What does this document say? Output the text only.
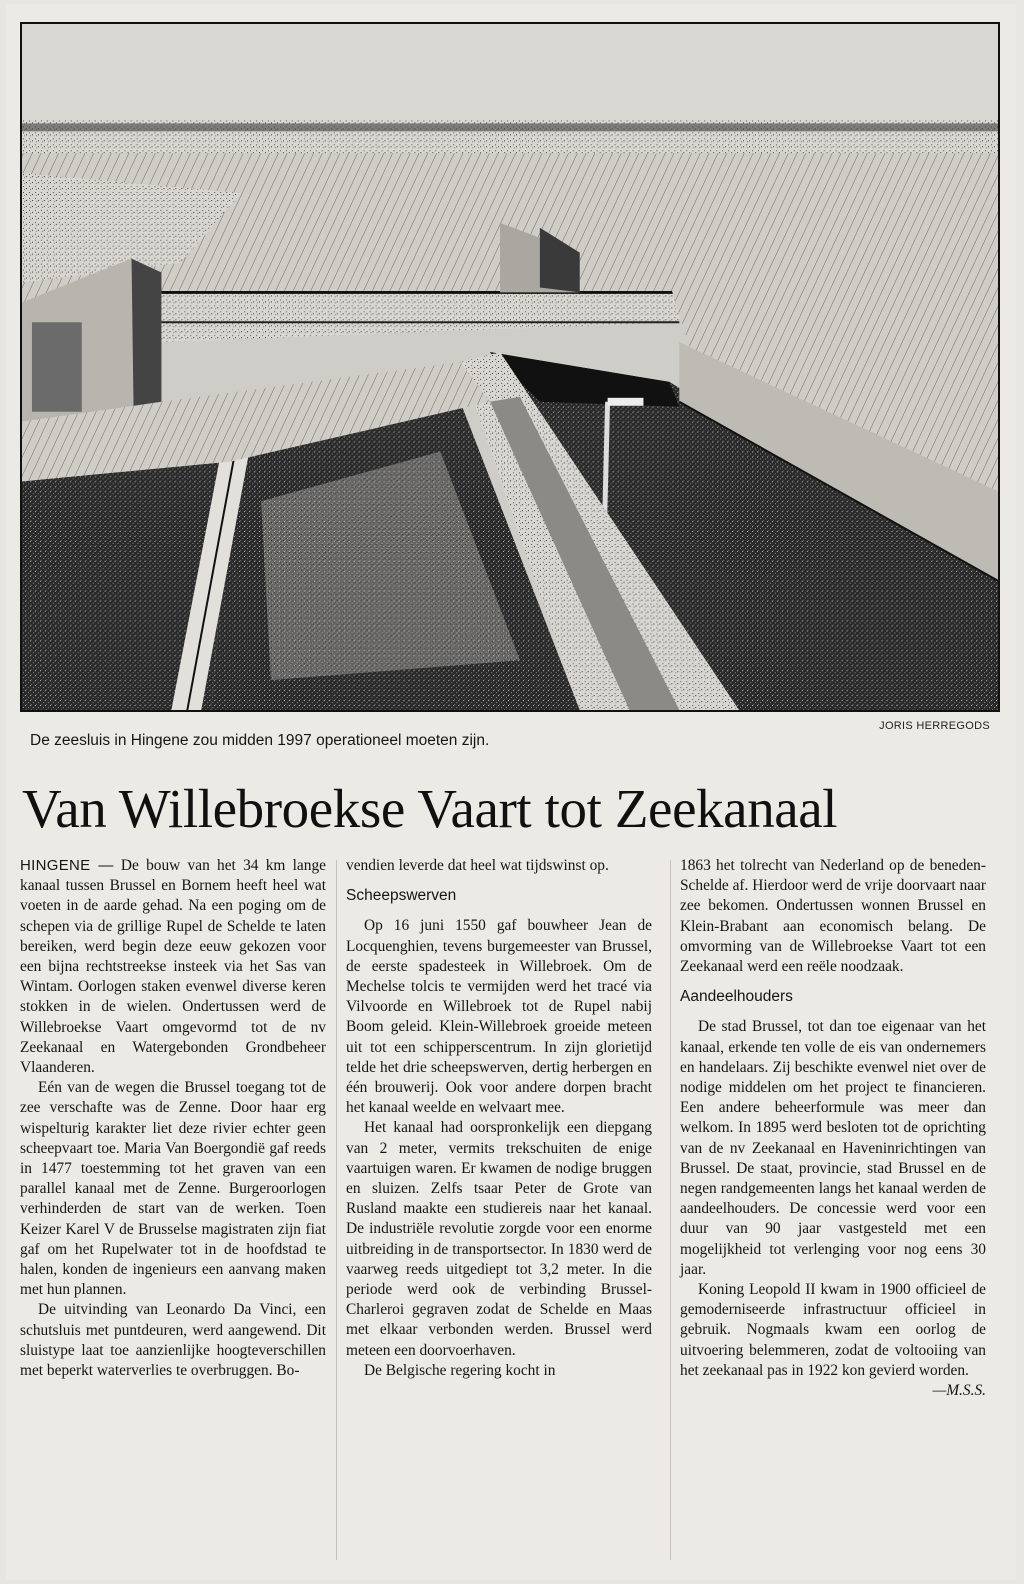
JORIS HERREGODS
De zeesluis in Hingene zou midden 1997 operationeel moeten zijn.
Van Willebroekse Vaart tot Zeekanaal

HINGENE — De bouw van het 34 km lange kanaal tussen Brussel en Bornem heeft heel wat voeten in de aarde gehad. Na een poging om de schepen via de grillige Rupel de Schelde te laten bereiken, werd begin deze eeuw gekozen voor een bijna rechtstreekse insteek via het Sas van Wintam. Oorlogen staken evenwel diverse keren stokken in de wielen. Ondertussen werd de Willebroekse Vaart omgevormd tot de nv Zeekanaal en Watergebonden Grondbeheer Vlaanderen.

Eén van de wegen die Brussel toegang tot de zee verschafte was de Zenne. Door haar erg wispelturig karakter liet deze rivier echter geen scheepvaart toe. Maria Van Boergondië gaf reeds in 1477 toestemming tot het graven van een parallel kanaal met de Zenne. Burgeroorlogen verhinderden de start van de werken. Toen Keizer Karel V de Brusselse magistraten zijn fiat gaf om het Rupelwater tot in de hoofdstad te halen, konden de ingenieurs een aanvang maken met hun plannen.

De uitvinding van Leonardo Da Vinci, een schutsluis met puntdeuren, werd aangewend. Dit sluistype laat toe aanzienlijke hoogteverschillen met beperkt waterverlies te overbruggen. Bo-

vendien leverde dat heel wat tijdswinst op.

Scheepswerven

Op 16 juni 1550 gaf bouwheer Jean de Locquenghien, tevens burgemeester van Brussel, de eerste spadesteek in Willebroek. Om de Mechelse tolcis te vermijden werd het tracé via Vilvoorde en Willebroek tot de Rupel nabij Boom geleid. Klein-Willebroek groeide meteen uit tot een schipperscentrum. In zijn glorietijd telde het drie scheepswerven, dertig herbergen en één brouwerij. Ook voor andere dorpen bracht het kanaal weelde en welvaart mee.

Het kanaal had oorspronkelijk een diepgang van 2 meter, vermits trekschuiten de enige vaartuigen waren. Er kwamen de nodige bruggen en sluizen. Zelfs tsaar Peter de Grote van Rusland maakte een studiereis naar het kanaal. De industriële revolutie zorgde voor een enorme uitbreiding in de transportsector. In 1830 werd de vaarweg reeds uitgediept tot 3,2 meter. In die periode werd ook de verbinding Brussel-Charleroi gegraven zodat de Schelde en Maas met elkaar verbonden werden. Brussel werd meteen een doorvoerhaven.

De Belgische regering kocht in

1863 het tolrecht van Nederland op de beneden-Schelde af. Hierdoor werd de vrije doorvaart naar zee bekomen. Ondertussen wonnen Brussel en Klein-Brabant aan economisch belang. De omvorming van de Willebroekse Vaart tot een Zeekanaal werd een reële noodzaak.

Aandeelhouders

De stad Brussel, tot dan toe eigenaar van het kanaal, erkende ten volle de eis van ondernemers en handelaars. Zij beschikte evenwel niet over de nodige middelen om het project te financieren. Een andere beheerformule was meer dan welkom. In 1895 werd besloten tot de oprichting van de nv Zeekanaal en Haveninrichtingen van Brussel. De staat, provincie, stad Brussel en de negen randgemeenten langs het kanaal werden de aandeelhouders. De concessie werd voor een duur van 90 jaar vastgesteld met een mogelijkheid tot verlenging voor nog eens 30 jaar.

Koning Leopold II kwam in 1900 officieel de gemoderniseerde infrastructuur officieel in gebruik. Nogmaals kwam een oorlog de uitvoering belemmeren, zodat de voltooiing van het zeekanaal pas in 1922 kon gevierd worden.

—M.S.S.
